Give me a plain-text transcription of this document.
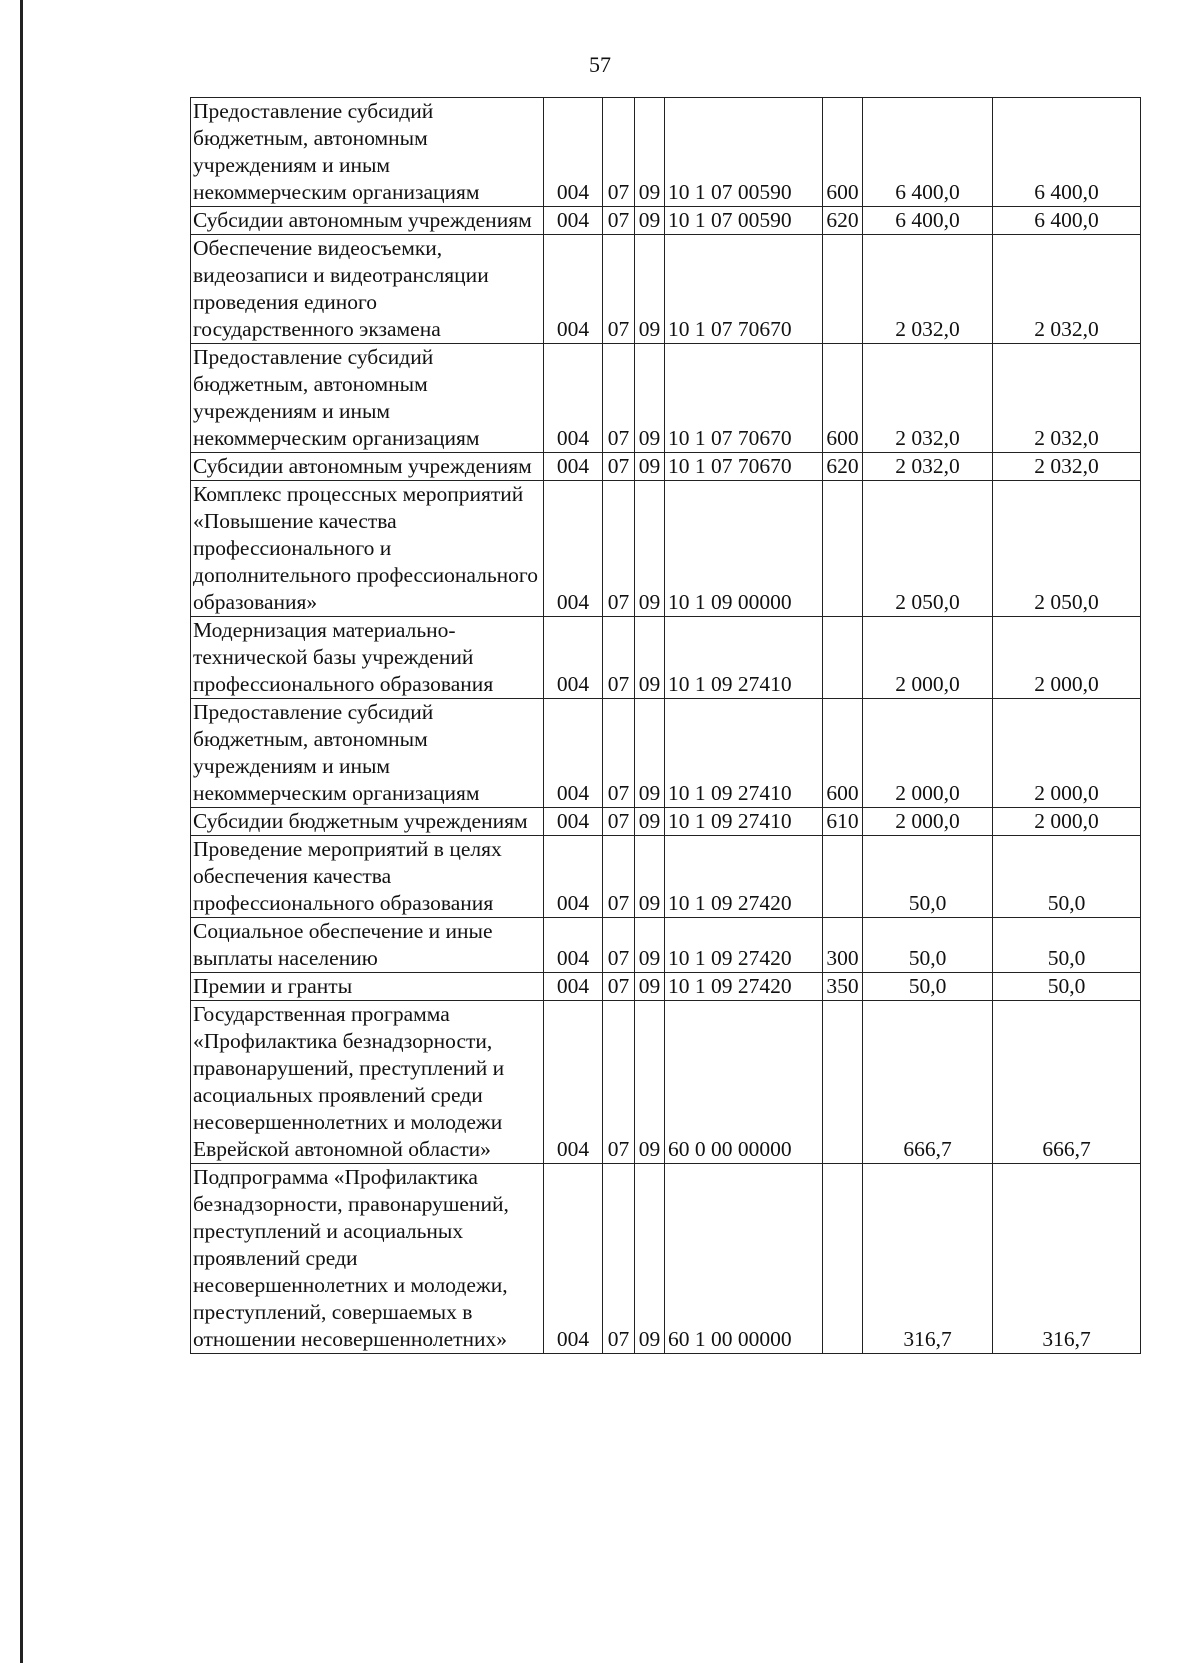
57
Предоставление субсидий бюджетным, автономным учреждениям и иным некоммерческим организациям	004	07	09	10 1 07 00590	600	6 400,0	6 400,0
Субсидии автономным учреждениям	004	07	09	10 1 07 00590	620	6 400,0	6 400,0
Обеспечение видеосъемки, видеозаписи и видеотрансляции проведения единого государственного экзамена	004	07	09	10 1 07 70670		2 032,0	2 032,0
Предоставление субсидий бюджетным, автономным учреждениям и иным некоммерческим организациям	004	07	09	10 1 07 70670	600	2 032,0	2 032,0
Субсидии автономным учреждениям	004	07	09	10 1 07 70670	620	2 032,0	2 032,0
Комплекс процессных мероприятий «Повышение качества профессионального и дополнительного профессионального образования»	004	07	09	10 1 09 00000		2 050,0	2 050,0
Модернизация материально-технической базы учреждений профессионального образования	004	07	09	10 1 09 27410		2 000,0	2 000,0
Предоставление субсидий бюджетным, автономным учреждениям и иным некоммерческим организациям	004	07	09	10 1 09 27410	600	2 000,0	2 000,0
Субсидии бюджетным учреждениям	004	07	09	10 1 09 27410	610	2 000,0	2 000,0
Проведение мероприятий в целях обеспечения качества профессионального образования	004	07	09	10 1 09 27420		50,0	50,0
Социальное обеспечение и иные выплаты населению	004	07	09	10 1 09 27420	300	50,0	50,0
Премии и гранты	004	07	09	10 1 09 27420	350	50,0	50,0
Государственная программа «Профилактика безнадзорности, правонарушений, преступлений и асоциальных проявлений среди несовершеннолетних и молодежи Еврейской автономной области»	004	07	09	60 0 00 00000		666,7	666,7
Подпрограмма «Профилактика безнадзорности, правонарушений, преступлений и асоциальных проявлений среди несовершеннолетних и молодежи, преступлений, совершаемых в отношении несовершеннолетних»	004	07	09	60 1 00 00000		316,7	316,7
